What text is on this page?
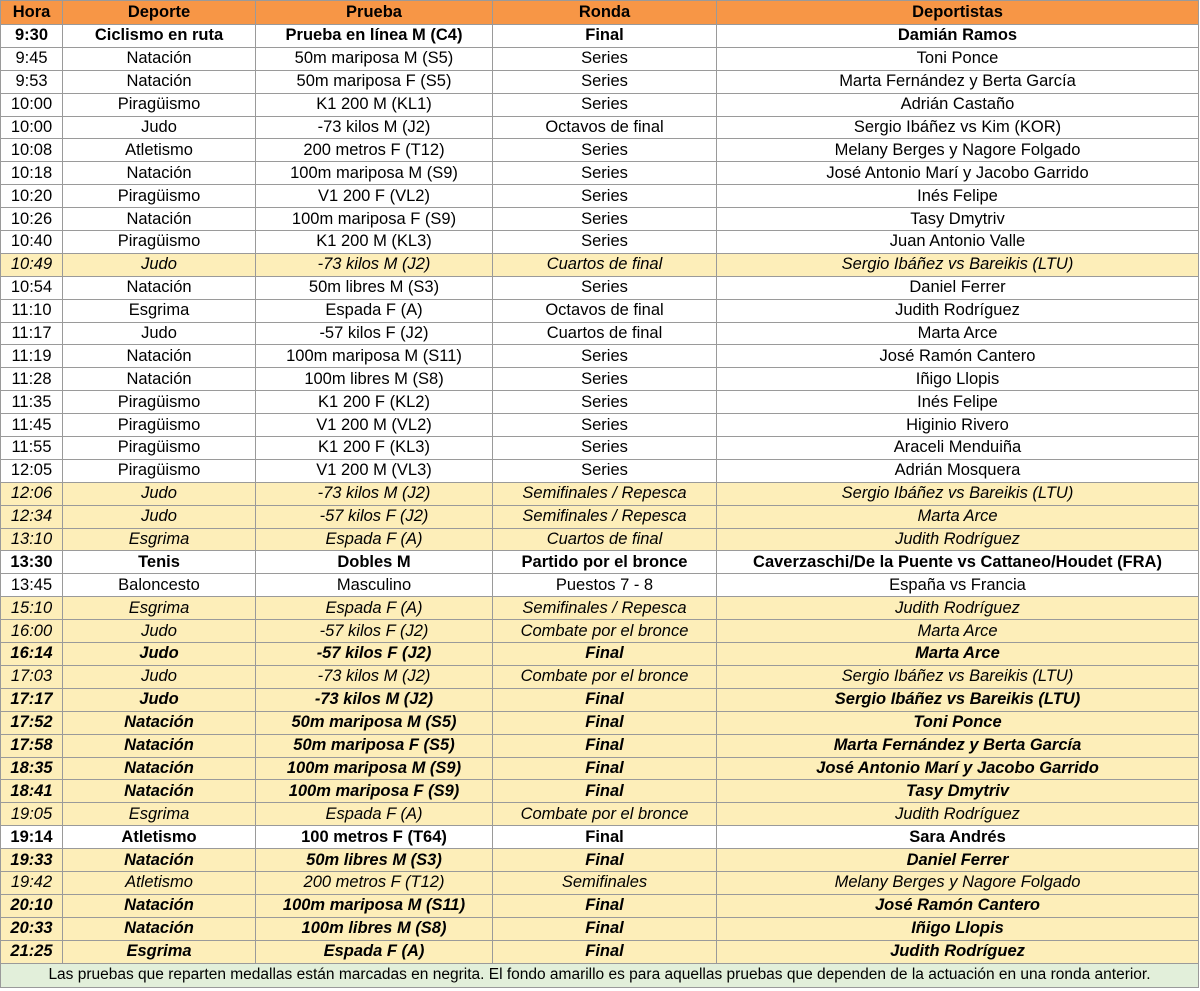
Hora	Deporte	Prueba	Ronda	Deportistas
9:30	Ciclismo en ruta	Prueba en línea M (C4)	Final	Damián Ramos
9:45	Natación	50m mariposa M (S5)	Series	Toni Ponce
9:53	Natación	50m mariposa F (S5)	Series	Marta Fernández y Berta García
10:00	Piragüismo	K1 200 M (KL1)	Series	Adrián Castaño
10:00	Judo	-73 kilos M (J2)	Octavos de final	Sergio Ibáñez vs Kim (KOR)
10:08	Atletismo	200 metros F (T12)	Series	Melany Berges y Nagore Folgado
10:18	Natación	100m mariposa M (S9)	Series	José Antonio Marí y Jacobo Garrido
10:20	Piragüismo	V1 200 F (VL2)	Series	Inés Felipe
10:26	Natación	100m mariposa F (S9)	Series	Tasy Dmytriv
10:40	Piragüismo	K1 200 M (KL3)	Series	Juan Antonio Valle
10:49	Judo	-73 kilos M (J2)	Cuartos de final	Sergio Ibáñez vs Bareikis (LTU)
10:54	Natación	50m libres M (S3)	Series	Daniel Ferrer
11:10	Esgrima	Espada F (A)	Octavos de final	Judith Rodríguez
11:17	Judo	-57 kilos F (J2)	Cuartos de final	Marta Arce
11:19	Natación	100m mariposa M (S11)	Series	José Ramón Cantero
11:28	Natación	100m libres M (S8)	Series	Iñigo Llopis
11:35	Piragüismo	K1 200 F (KL2)	Series	Inés Felipe
11:45	Piragüismo	V1 200 M (VL2)	Series	Higinio Rivero
11:55	Piragüismo	K1 200 F (KL3)	Series	Araceli Menduiña
12:05	Piragüismo	V1 200 M (VL3)	Series	Adrián Mosquera
12:06	Judo	-73 kilos M (J2)	Semifinales / Repesca	Sergio Ibáñez vs Bareikis (LTU)
12:34	Judo	-57 kilos F (J2)	Semifinales / Repesca	Marta Arce
13:10	Esgrima	Espada F (A)	Cuartos de final	Judith Rodríguez
13:30	Tenis	Dobles M	Partido por el bronce	Caverzaschi/De la Puente vs Cattaneo/Houdet (FRA)
13:45	Baloncesto	Masculino	Puestos 7 - 8	España vs Francia
15:10	Esgrima	Espada F (A)	Semifinales / Repesca	Judith Rodríguez
16:00	Judo	-57 kilos F (J2)	Combate por el bronce	Marta Arce
16:14	Judo	-57 kilos F (J2)	Final	Marta Arce
17:03	Judo	-73 kilos M (J2)	Combate por el bronce	Sergio Ibáñez vs Bareikis (LTU)
17:17	Judo	-73 kilos M (J2)	Final	Sergio Ibáñez vs Bareikis (LTU)
17:52	Natación	50m mariposa M (S5)	Final	Toni Ponce
17:58	Natación	50m mariposa F (S5)	Final	Marta Fernández y Berta García
18:35	Natación	100m mariposa M (S9)	Final	José Antonio Marí y Jacobo Garrido
18:41	Natación	100m mariposa F (S9)	Final	Tasy Dmytriv
19:05	Esgrima	Espada F (A)	Combate por el bronce	Judith Rodríguez
19:14	Atletismo	100 metros F (T64)	Final	Sara Andrés
19:33	Natación	50m libres M (S3)	Final	Daniel Ferrer
19:42	Atletismo	200 metros F (T12)	Semifinales	Melany Berges y Nagore Folgado
20:10	Natación	100m mariposa M (S11)	Final	José Ramón Cantero
20:33	Natación	100m libres M (S8)	Final	Iñigo Llopis
21:25	Esgrima	Espada F (A)	Final	Judith Rodríguez
Las pruebas que reparten medallas están marcadas en negrita. El fondo amarillo es para aquellas pruebas que dependen de la actuación en una ronda anterior.				
